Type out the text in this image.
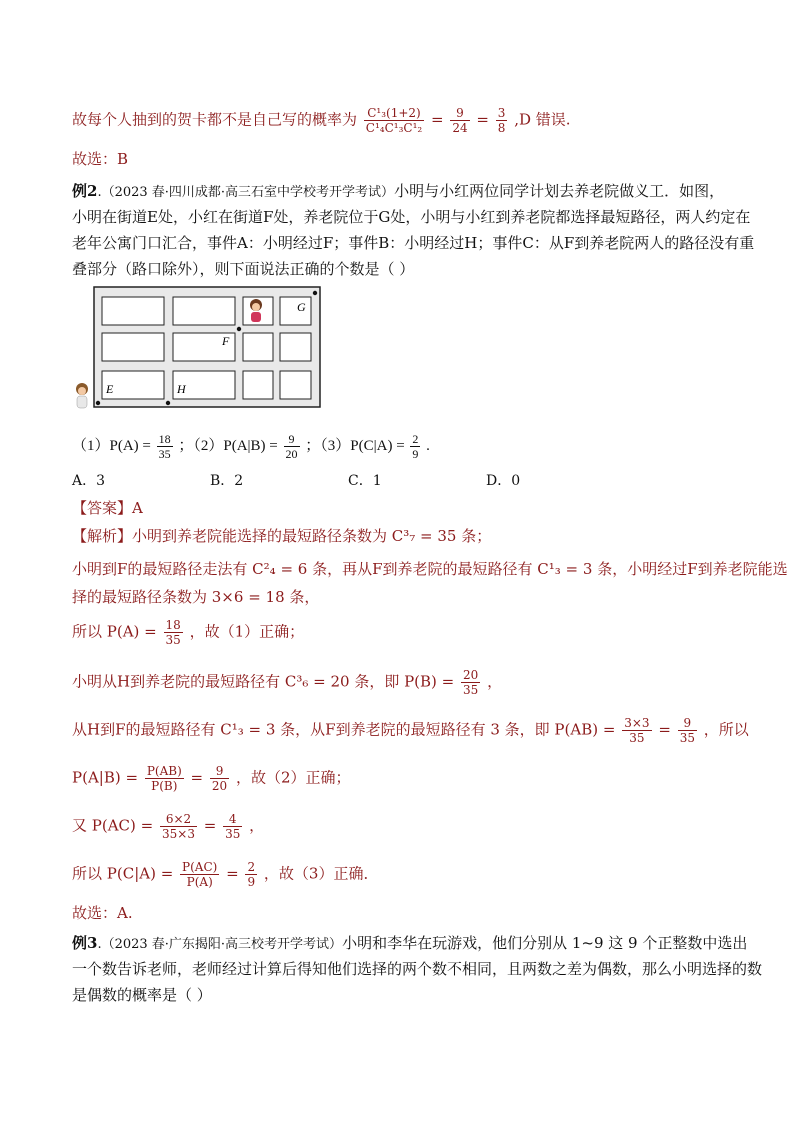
故每个人抽到的贺卡都不是自己写的概率为 $\frac{\text{C¹₃(1+2)}}{\text{C¹₄C¹₃C¹₂}} = \frac{9}{24} = \frac{3}{8} ,D$ 错误.
故选：B
例2.（2023 春·四川成都·高三石室中学校考开学考试）小明与小红两位同学计划去养老院做义工．如图，
小明在街道E处，小红在街道F处，养老院位于G处，小明与小红到养老院都选择最短路径，两人约定在
老年公寓门口汇合，事件A：小明经过F；事件B：小明经过H；事件C：从F到养老院两人的路径没有重
叠部分（路口除外），则下面说法正确的个数是（ ）
G
F
E	H
$(1)P(A) = \frac{18}{35}$ ；$(2)P(A|B) = \frac{9}{20}$ ；$(3)P(C|A) = \frac{2}{9}$ .
A．3	B．2	C．1	D．0
【答案】A
【解析】小明到养老院能选择的最短路径条数为 C³₇ = 35 条；
小明到F的最短路径走法有 C²₄ = 6 条，再从F到养老院的最短路径有 C¹₃ = 3 条，小明经过F到养老院能选
择的最短路径条数为 3×6 = 18 条，
所以 $P(A) = \frac{18}{35}$ ，故（1）正确；
小明从H到养老院的最短路径有 C³₆ = 20 条，即 $P(B) = \frac{20}{35}$ ，
从H到F的最短路径有 C¹₃ = 3 条，从F到养老院的最短路径有 3 条，即 $P(AB) = \frac{3\times 3}{35} = \frac{9}{35}$ ，所以
$P(A|B) = \frac{P(AB)}{P(B)} = \frac{9}{20}$ ，故（2）正确；
又 $P(AC) = \frac{6\times 2}{35\times 3} = \frac{4}{35}$ ，
所以 $P(C|A) = \frac{P(AC)}{P(A)} = \frac{2}{9}$ ，故（3）正确．
故选：A.
例3.（2023 春·广东揭阳·高三校考开学考试）小明和李华在玩游戏，他们分别从 1~9 这 9 个正整数中选出
一个数告诉老师，老师经过计算后得知他们选择的两个数不相同，且两数之差为偶数，那么小明选择的数
是偶数的概率是（ ）
